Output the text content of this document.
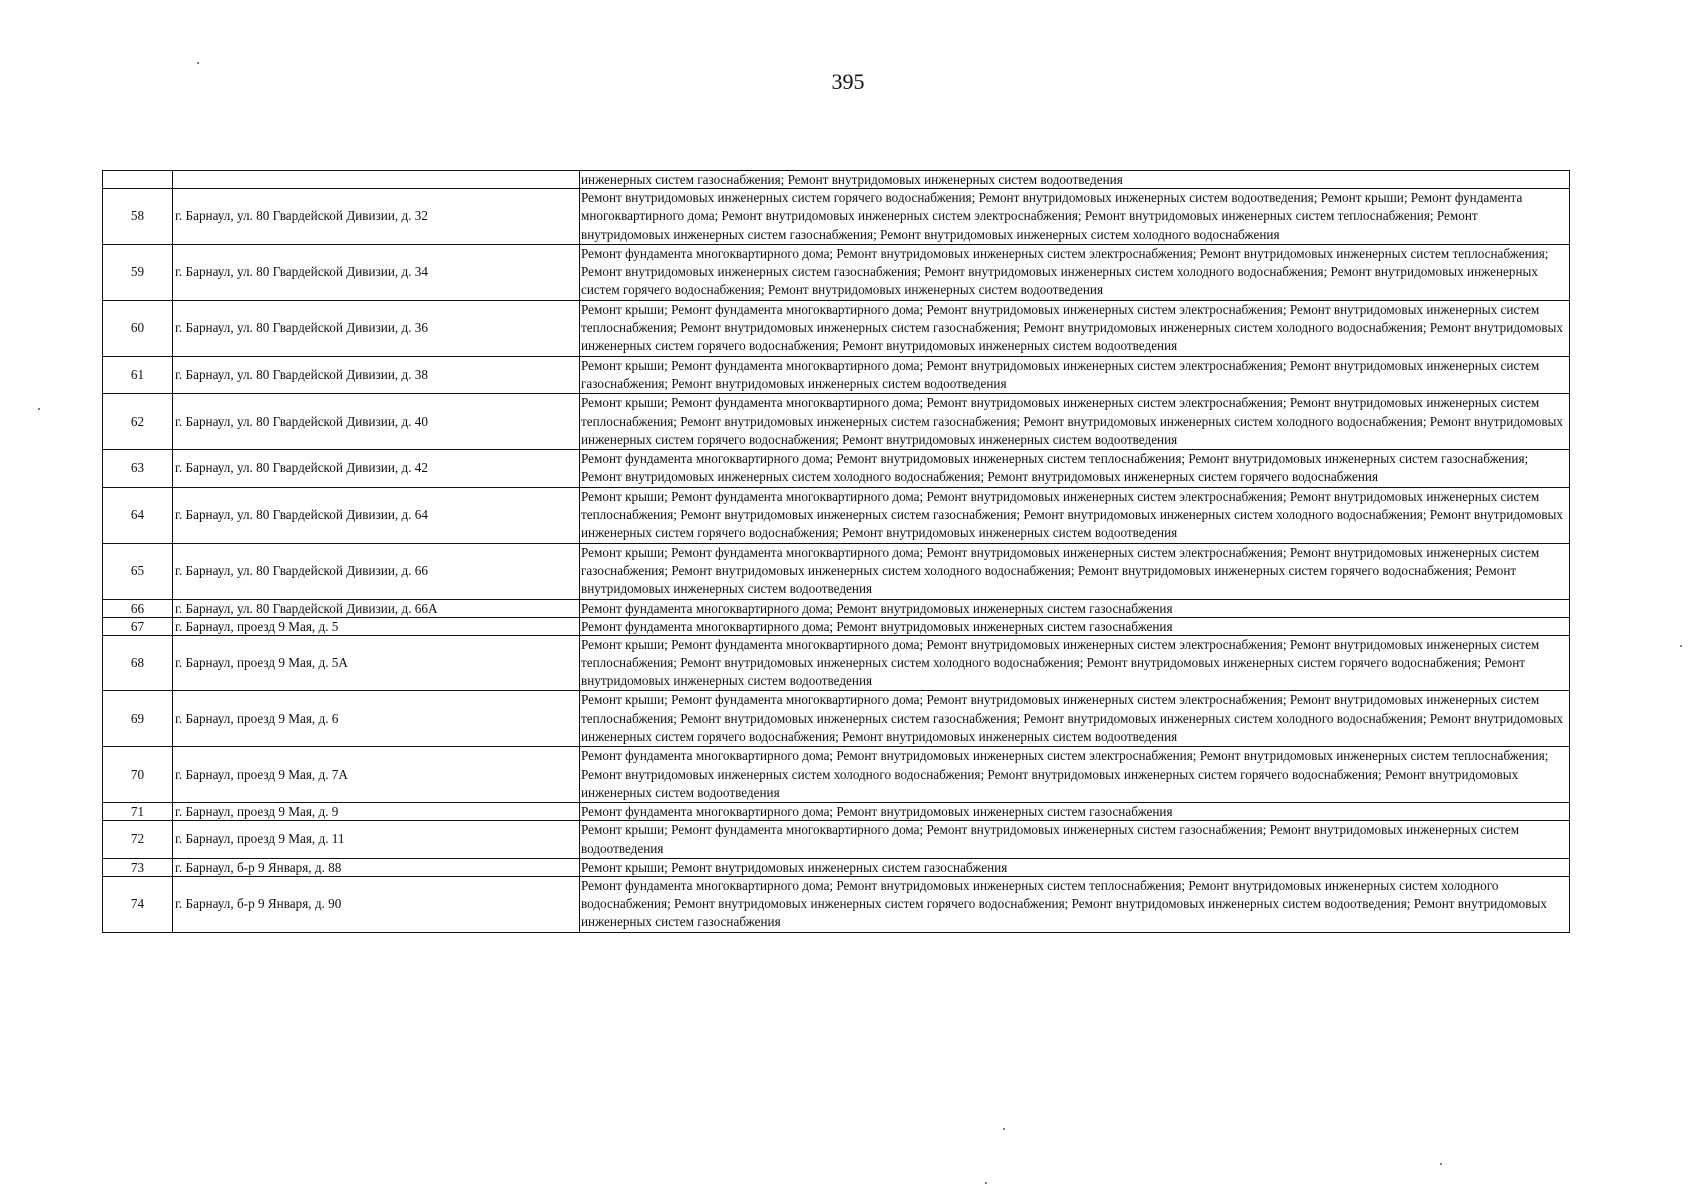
395
		инженерных систем газоснабжения; Ремонт внутридомовых инженерных систем водоотведения
58	г. Барнаул, ул. 80 Гвардейской Дивизии, д. 32	Ремонт внутридомовых инженерных систем горячего водоснабжения; Ремонт внутридомовых инженерных систем водоотведения; Ремонт крыши; Ремонт фундамента многоквартирного дома; Ремонт внутридомовых инженерных систем электроснабжения; Ремонт внутридомовых инженерных систем теплоснабжения; Ремонт внутридомовых инженерных систем газоснабжения; Ремонт внутридомовых инженерных систем холодного водоснабжения
59	г. Барнаул, ул. 80 Гвардейской Дивизии, д. 34	Ремонт фундамента многоквартирного дома; Ремонт внутридомовых инженерных систем электроснабжения; Ремонт внутридомовых инженерных систем теплоснабжения; Ремонт внутридомовых инженерных систем газоснабжения; Ремонт внутридомовых инженерных систем холодного водоснабжения; Ремонт внутридомовых инженерных систем горячего водоснабжения; Ремонт внутридомовых инженерных систем водоотведения
60	г. Барнаул, ул. 80 Гвардейской Дивизии, д. 36	Ремонт крыши; Ремонт фундамента многоквартирного дома; Ремонт внутридомовых инженерных систем электроснабжения; Ремонт внутридомовых инженерных систем теплоснабжения; Ремонт внутридомовых инженерных систем газоснабжения; Ремонт внутридомовых инженерных систем холодного водоснабжения; Ремонт внутридомовых инженерных систем горячего водоснабжения; Ремонт внутридомовых инженерных систем водоотведения
61	г. Барнаул, ул. 80 Гвардейской Дивизии, д. 38	Ремонт крыши; Ремонт фундамента многоквартирного дома; Ремонт внутридомовых инженерных систем электроснабжения; Ремонт внутридомовых инженерных систем газоснабжения; Ремонт внутридомовых инженерных систем водоотведения
62	г. Барнаул, ул. 80 Гвардейской Дивизии, д. 40	Ремонт крыши; Ремонт фундамента многоквартирного дома; Ремонт внутридомовых инженерных систем электроснабжения; Ремонт внутридомовых инженерных систем теплоснабжения; Ремонт внутридомовых инженерных систем газоснабжения; Ремонт внутридомовых инженерных систем холодного водоснабжения; Ремонт внутридомовых инженерных систем горячего водоснабжения; Ремонт внутридомовых инженерных систем водоотведения
63	г. Барнаул, ул. 80 Гвардейской Дивизии, д. 42	Ремонт фундамента многоквартирного дома; Ремонт внутридомовых инженерных систем теплоснабжения; Ремонт внутридомовых инженерных систем газоснабжения; Ремонт внутридомовых инженерных систем холодного водоснабжения; Ремонт внутридомовых инженерных систем горячего водоснабжения
64	г. Барнаул, ул. 80 Гвардейской Дивизии, д. 64	Ремонт крыши; Ремонт фундамента многоквартирного дома; Ремонт внутридомовых инженерных систем электроснабжения; Ремонт внутридомовых инженерных систем теплоснабжения; Ремонт внутридомовых инженерных систем газоснабжения; Ремонт внутридомовых инженерных систем холодного водоснабжения; Ремонт внутридомовых инженерных систем горячего водоснабжения; Ремонт внутридомовых инженерных систем водоотведения
65	г. Барнаул, ул. 80 Гвардейской Дивизии, д. 66	Ремонт крыши; Ремонт фундамента многоквартирного дома; Ремонт внутридомовых инженерных систем электроснабжения; Ремонт внутридомовых инженерных систем газоснабжения; Ремонт внутридомовых инженерных систем холодного водоснабжения; Ремонт внутридомовых инженерных систем горячего водоснабжения; Ремонт внутридомовых инженерных систем водоотведения
66	г. Барнаул, ул. 80 Гвардейской Дивизии, д. 66А	Ремонт фундамента многоквартирного дома; Ремонт внутридомовых инженерных систем газоснабжения
67	г. Барнаул, проезд 9 Мая, д. 5	Ремонт фундамента многоквартирного дома; Ремонт внутридомовых инженерных систем газоснабжения
68	г. Барнаул, проезд 9 Мая, д. 5А	Ремонт крыши; Ремонт фундамента многоквартирного дома; Ремонт внутридомовых инженерных систем электроснабжения; Ремонт внутридомовых инженерных систем теплоснабжения; Ремонт внутридомовых инженерных систем холодного водоснабжения; Ремонт внутридомовых инженерных систем горячего водоснабжения; Ремонт внутридомовых инженерных систем водоотведения
69	г. Барнаул, проезд 9 Мая, д. 6	Ремонт крыши; Ремонт фундамента многоквартирного дома; Ремонт внутридомовых инженерных систем электроснабжения; Ремонт внутридомовых инженерных систем теплоснабжения; Ремонт внутридомовых инженерных систем газоснабжения; Ремонт внутридомовых инженерных систем холодного водоснабжения; Ремонт внутридомовых инженерных систем горячего водоснабжения; Ремонт внутридомовых инженерных систем водоотведения
70	г. Барнаул, проезд 9 Мая, д. 7А	Ремонт фундамента многоквартирного дома; Ремонт внутридомовых инженерных систем электроснабжения; Ремонт внутридомовых инженерных систем теплоснабжения; Ремонт внутридомовых инженерных систем холодного водоснабжения; Ремонт внутридомовых инженерных систем горячего водоснабжения; Ремонт внутридомовых инженерных систем водоотведения
71	г. Барнаул, проезд 9 Мая, д. 9	Ремонт фундамента многоквартирного дома; Ремонт внутридомовых инженерных систем газоснабжения
72	г. Барнаул, проезд 9 Мая, д. 11	Ремонт крыши; Ремонт фундамента многоквартирного дома; Ремонт внутридомовых инженерных систем газоснабжения; Ремонт внутридомовых инженерных систем водоотведения
73	г. Барнаул, б-р 9 Января, д. 88	Ремонт крыши; Ремонт внутридомовых инженерных систем газоснабжения
74	г. Барнаул, б-р 9 Января, д. 90	Ремонт фундамента многоквартирного дома; Ремонт внутридомовых инженерных систем теплоснабжения; Ремонт внутридомовых инженерных систем холодного водоснабжения; Ремонт внутридомовых инженерных систем горячего водоснабжения; Ремонт внутридомовых инженерных систем водоотведения; Ремонт внутридомовых инженерных систем газоснабжения
